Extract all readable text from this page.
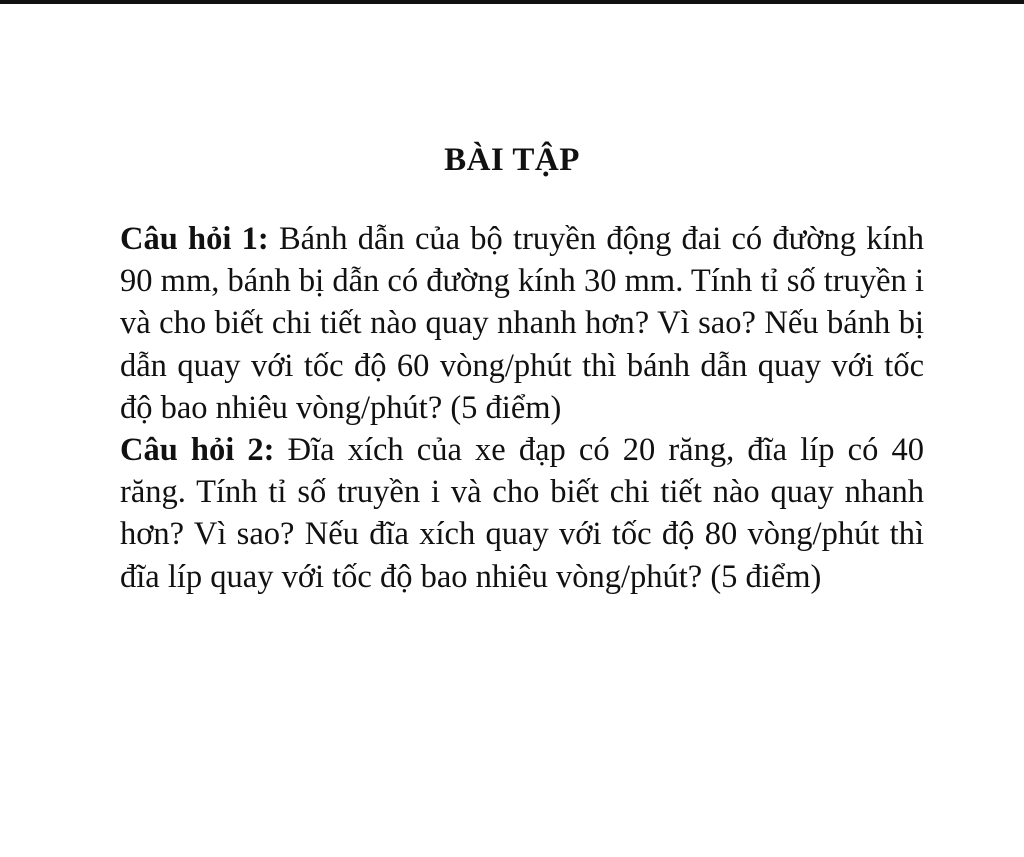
BÀI TẬP

Câu hỏi 1: Bánh dẫn của bộ truyền động đai có đường kính 90 mm, bánh bị dẫn có đường kính 30 mm. Tính tỉ số truyền i và cho biết chi tiết nào quay nhanh hơn? Vì sao? Nếu bánh bị dẫn quay với tốc độ 60 vòng/phút thì bánh dẫn quay với tốc độ bao nhiêu vòng/phút? (5 điểm)

Câu hỏi 2: Đĩa xích của xe đạp có 20 răng, đĩa líp có 40 răng. Tính tỉ số truyền i và cho biết chi tiết nào quay nhanh hơn? Vì sao? Nếu đĩa xích quay với tốc độ 80 vòng/phút thì đĩa líp quay với tốc độ bao nhiêu vòng/phút? (5 điểm)
